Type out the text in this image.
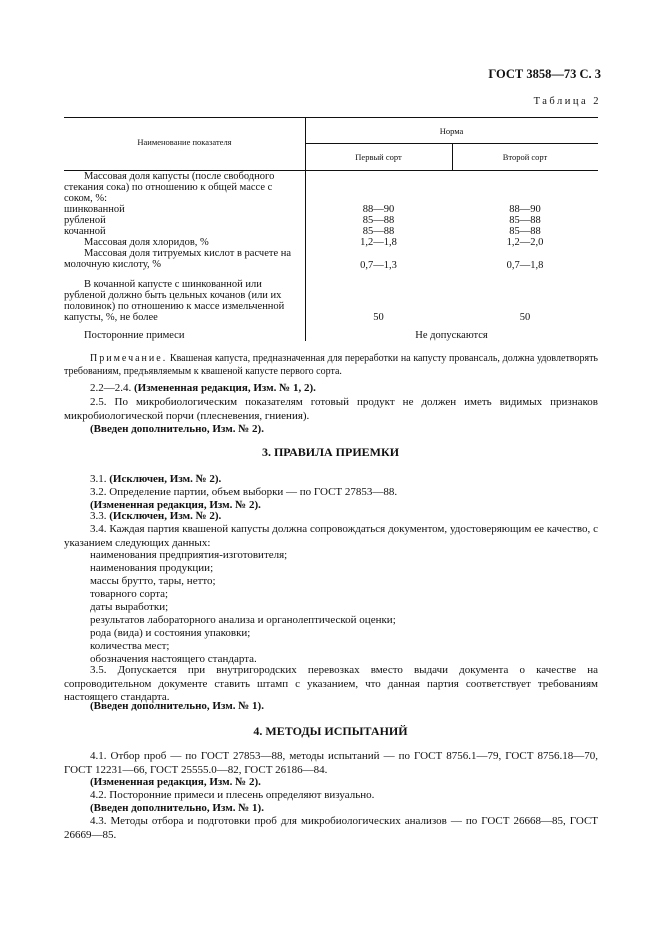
ГОСТ 3858—73 С. 3
Таблица 2
Наименование показателя
Норма
Первый сорт	Второй сорт
Массовая доля капусты (после свободного стекания сока) по отношению к общей массе с соком, %:
шинкованной	88—90	88—90
рубленой	85—88	85—88
кочанной	85—88	85—88
Массовая доля хлоридов, %	1,2—1,8	1,2—2,0
Массовая доля титруемых кислот в расчете на молочную кислоту, %	0,7—1,3	0,7—1,8
В кочанной капусте с шинкованной или рубленой должно быть цельных кочанов (или их половинок) по отношению к массе измельченной капусты, %, не более	50	50
Посторонние примеси	Не допускаются
Примечание. Квашеная капуста, предназначенная для переработки на капусту провансаль, должна удовлетворять требованиям, предъявляемым к квашеной капусте первого сорта.
2.2—2.4. (Измененная редакция, Изм. № 1, 2).
2.5. По микробиологическим показателям готовый продукт не должен иметь видимых признаков микробиологической порчи (плесневения, гниения).
(Введен дополнительно, Изм. № 2).
3. ПРАВИЛА ПРИЕМКИ
3.1. (Исключен, Изм. № 2).
3.2. Определение партии, объем выборки — по ГОСТ 27853—88.
(Измененная редакция, Изм. № 2).
3.3. (Исключен, Изм. № 2).
3.4. Каждая партия квашеной капусты должна сопровождаться документом, удостоверяющим ее качество, с указанием следующих данных:
наименования предприятия-изготовителя;
наименования продукции;
массы брутто, тары, нетто;
товарного сорта;
даты выработки;
результатов лабораторного анализа и органолептической оценки;
рода (вида) и состояния упаковки;
количества мест;
обозначения настоящего стандарта.
3.5. Допускается при внутригородских перевозках вместо выдачи документа о качестве на сопроводительном документе ставить штамп с указанием, что данная партия соответствует требованиям настоящего стандарта.
(Введен дополнительно, Изм. № 1).
4. МЕТОДЫ ИСПЫТАНИЙ
4.1. Отбор проб — по ГОСТ 27853—88, методы испытаний — по ГОСТ 8756.1—79, ГОСТ 8756.18—70, ГОСТ 12231—66, ГОСТ 25555.0—82, ГОСТ 26186—84.
(Измененная редакция, Изм. № 2).
4.2. Посторонние примеси и плесень определяют визуально.
(Введен дополнительно, Изм. № 1).
4.3. Методы отбора и подготовки проб для микробиологических анализов — по ГОСТ 26668—85, ГОСТ 26669—85.
